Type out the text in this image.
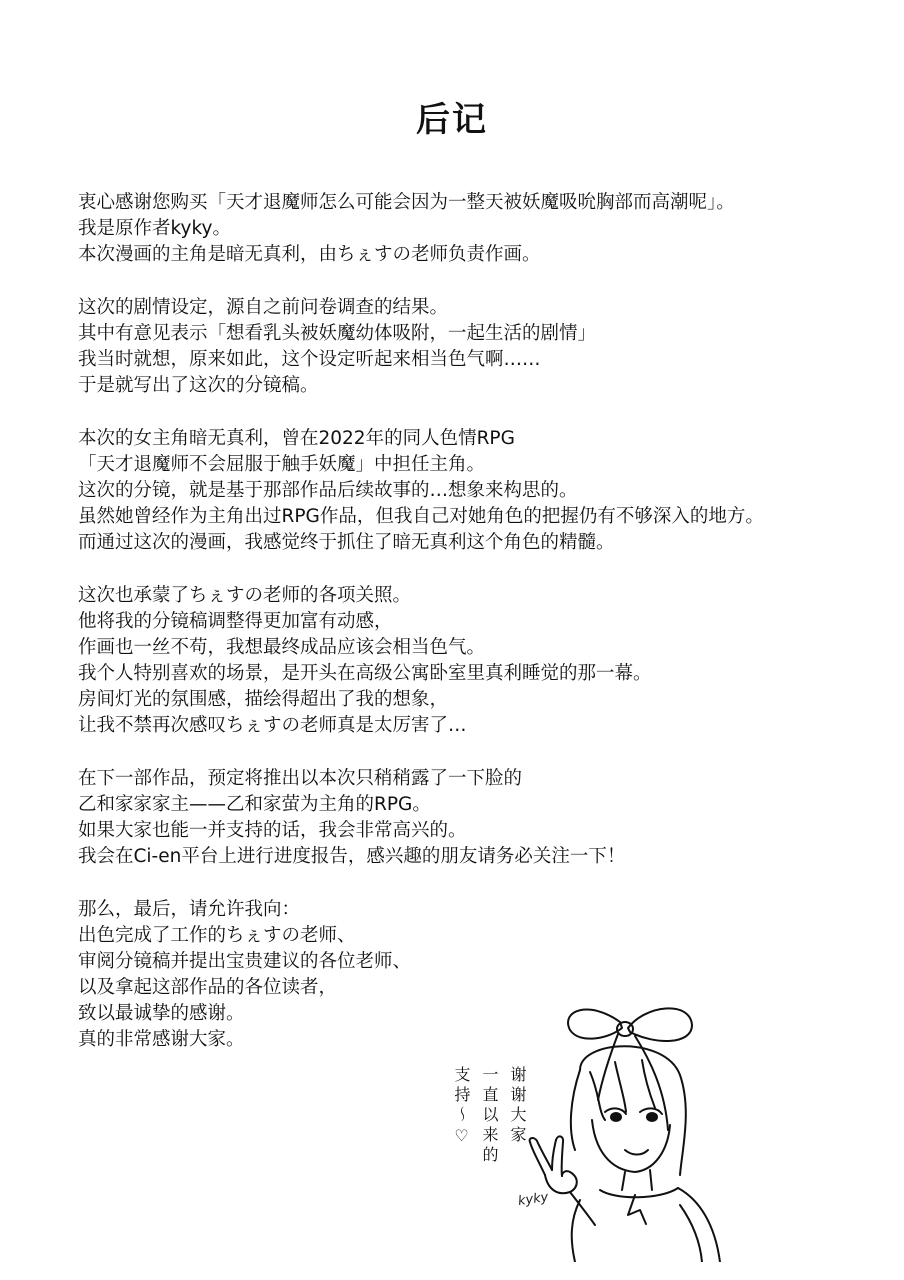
后记
衷心感谢您购买「天才退魔师怎么可能会因为一整天被妖魔吸吮胸部而高潮呢」。
我是原作者kyky。
本次漫画的主角是暗无真利，由ちぇすの老师负责作画。
这次的剧情设定，源自之前问卷调查的结果。
其中有意见表示「想看乳头被妖魔幼体吸附，一起生活的剧情」
我当时就想，原来如此，这个设定听起来相当色气啊……
于是就写出了这次的分镜稿。
本次的女主角暗无真利，曾在2022年的同人色情RPG
「天才退魔师不会屈服于触手妖魔」中担任主角。
这次的分镜，就是基于那部作品后续故事的…想象来构思的。
虽然她曾经作为主角出过RPG作品，但我自己对她角色的把握仍有不够深入的地方。
而通过这次的漫画，我感觉终于抓住了暗无真利这个角色的精髓。
这次也承蒙了ちぇすの老师的各项关照。
他将我的分镜稿调整得更加富有动感，
作画也一丝不苟，我想最终成品应该会相当色气。
我个人特别喜欢的场景，是开头在高级公寓卧室里真利睡觉的那一幕。
房间灯光的氛围感，描绘得超出了我的想象，
让我不禁再次感叹ちぇすの老师真是太厉害了…
在下一部作品，预定将推出以本次只稍稍露了一下脸的
乙和家家家主——乙和家萤为主角的RPG。
如果大家也能一并支持的话，我会非常高兴的。
我会在Ci-en平台上进行进度报告，感兴趣的朋友请务必关注一下！
那么，最后，请允许我向：
出色完成了工作的ちぇすの老师、
审阅分镜稿并提出宝贵建议的各位老师、
以及拿起这部作品的各位读者，
致以最诚挚的感谢。
真的非常感谢大家。
谢谢大家
一直以来的
支持～♡
kyky
